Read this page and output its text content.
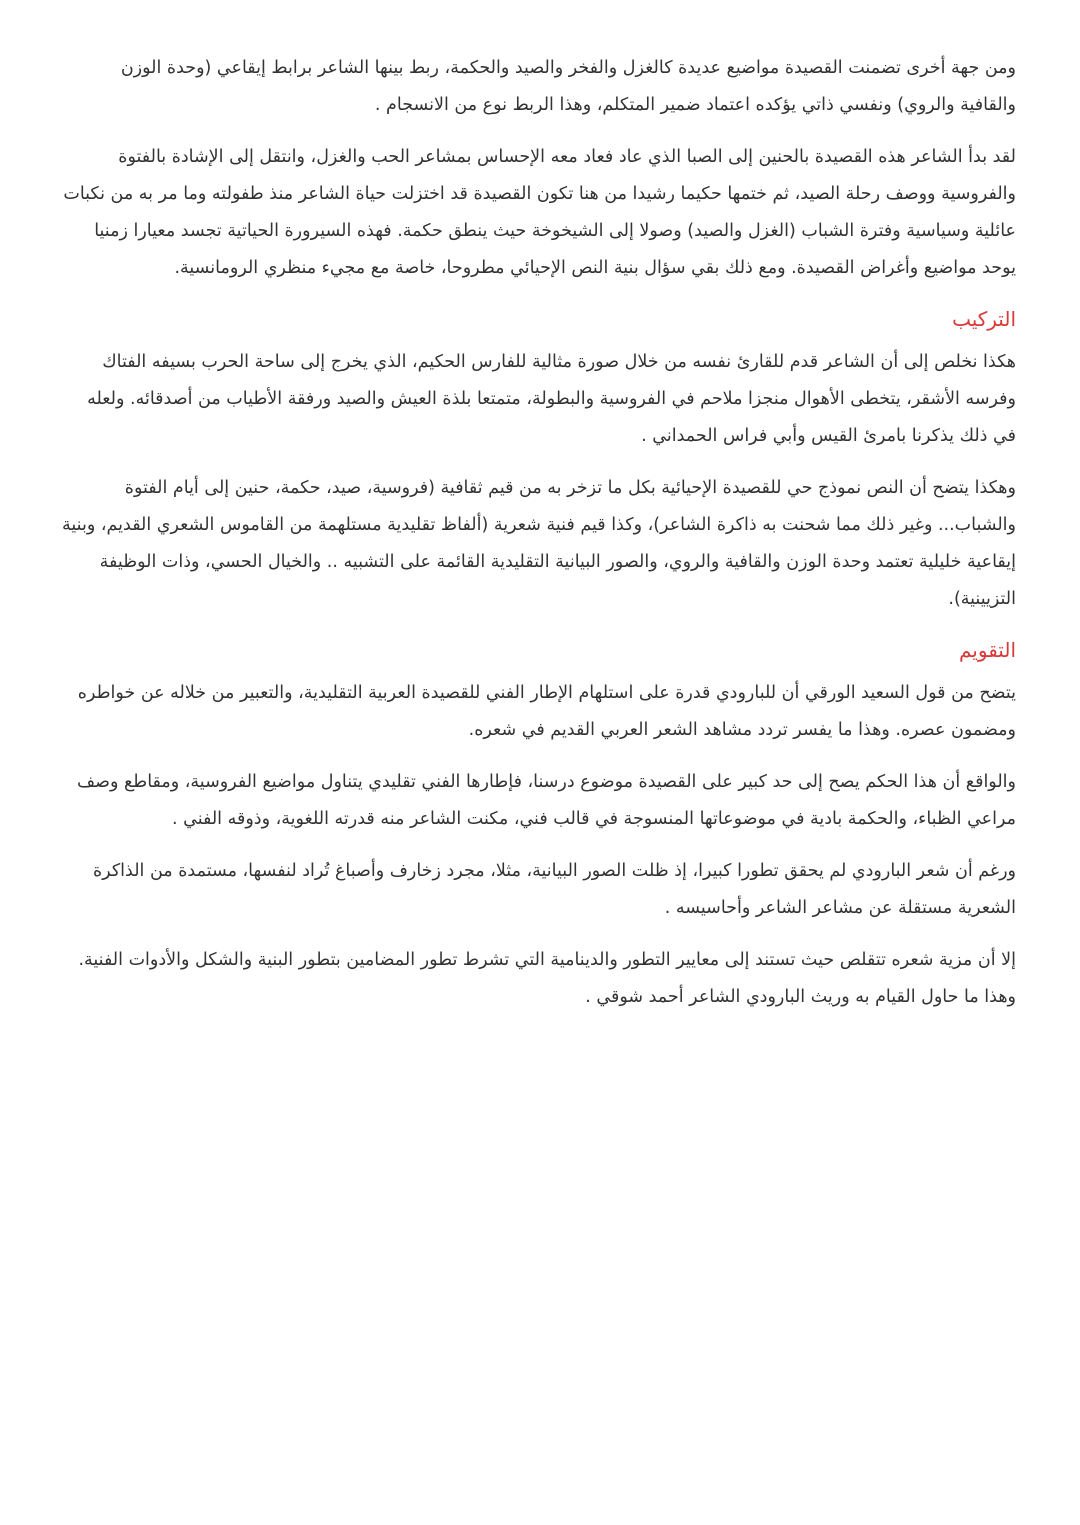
ومن جهة أخرى تضمنت القصيدة مواضيع عديدة كالغزل والفخر والصيد والحكمة، ربط بينها الشاعر برابط إيقاعي (وحدة الوزن والقافية والروي) ونفسي ذاتي يؤكده اعتماد ضمير المتكلم، وهذا الربط نوع من الانسجام .

لقد بدأ الشاعر هذه القصيدة بالحنين إلى الصبا الذي عاد فعاد معه الإحساس بمشاعر الحب والغزل، وانتقل إلى الإشادة بالفتوة والفروسية ووصف رحلة الصيد، ثم ختمها حكيما رشيدا من هنا تكون القصيدة قد اختزلت حياة الشاعر منذ طفولته وما مر به من نكبات عائلية وسياسية وفترة الشباب (الغزل والصيد) وصولا إلى الشيخوخة حيث ينطق حكمة. فهذه السيرورة الحياتية تجسد معيارا زمنيا يوحد مواضيع وأغراض القصيدة. ومع ذلك بقي سؤال بنية النص الإحيائي مطروحا، خاصة مع مجيء منظري الرومانسية.

التركيب

هكذا نخلص إلى أن الشاعر قدم للقارئ نفسه من خلال صورة مثالية للفارس الحكيم، الذي يخرج إلى ساحة الحرب بسيفه الفتاك وفرسه الأشقر، يتخطى الأهوال منجزا ملاحم في الفروسية والبطولة، متمتعا بلذة العيش والصيد ورفقة الأطياب من أصدقائه. ولعله في ذلك يذكرنا بامرئ القيس وأبي فراس الحمداني .

وهكذا يتضح أن النص نموذج حي للقصيدة الإحيائية بكل ما تزخر به من قيم ثقافية (فروسية، صيد، حكمة، حنين إلى أيام الفتوة والشباب... وغير ذلك مما شحنت به ذاكرة الشاعر)، وكذا قيم فنية شعرية (ألفاظ تقليدية مستلهمة من القاموس الشعري القديم، وبنية إيقاعية خليلية تعتمد وحدة الوزن والقافية والروي، والصور البيانية التقليدية القائمة على التشبيه .. والخيال الحسي، وذات الوظيفة التزيينية).

التقويم

يتضح من قول السعيد الورقي أن للبارودي قدرة على استلهام الإطار الفني للقصيدة العربية التقليدية، والتعبير من خلاله عن خواطره ومضمون عصره. وهذا ما يفسر تردد مشاهد الشعر العربي القديم في شعره.

والواقع أن هذا الحكم يصح إلى حد كبير على القصيدة موضوع درسنا، فإطارها الفني تقليدي يتناول مواضيع الفروسية، ومقاطع وصف مراعي الظباء، والحكمة بادية في موضوعاتها المنسوجة في قالب فني، مكنت الشاعر منه قدرته اللغوية، وذوقه الفني .

ورغم أن شعر البارودي لم يحقق تطورا كبيرا، إذ ظلت الصور البيانية، مثلا، مجرد زخارف وأصباغ تُراد لنفسها، مستمدة من الذاكرة الشعرية مستقلة عن مشاعر الشاعر وأحاسيسه .

إلا أن مزية شعره تتقلص حيث تستند إلى معايير التطور والدينامية التي تشرط تطور المضامين بتطور البنية والشكل والأدوات الفنية. وهذا ما حاول القيام به وريث البارودي الشاعر أحمد شوقي .
